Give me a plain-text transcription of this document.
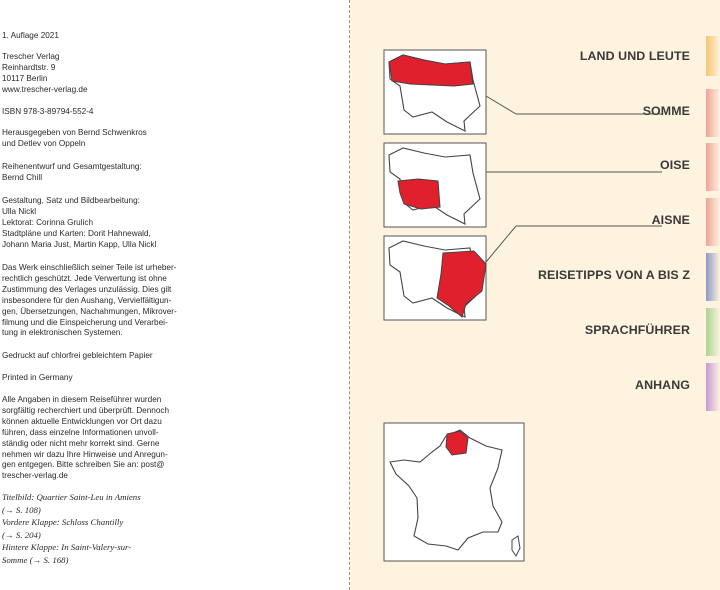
1. Auflage 2021
Trescher Verlag
Reinhardtstr. 9
10117 Berlin
www.trescher-verlag.de
ISBN 978-3-89794-552-4
Herausgegeben von Bernd Schwenkros
und Detlev von Oppeln
Reihenentwurf und Gesamtgestaltung:
Bernd Chill
Gestaltung, Satz und Bildbearbeitung:
Ulla Nickl
Lektorat: Corinna Grulich
Stadtpläne und Karten: Dorit Hahnewald,
Johann Maria Just, Martin Kapp, Ulla Nickl
Das Werk einschließlich seiner Teile ist urheber-
rechtlich geschützt. Jede Verwertung ist ohne
Zustimmung des Verlages unzulässig. Dies gilt
insbesondere für den Aushang, Vervielfältigun-
gen, Übersetzungen, Nachahmungen, Mikrover-
filmung und die Einspeicherung und Verarbei-
tung in elektronischen Systemen.
Gedruckt auf chlorfrei gebleichtem Papier
Printed in Germany
Alle Angaben in diesem Reiseführer wurden
sorgfältig recherchiert und überprüft. Dennoch
können aktuelle Entwicklungen vor Ort dazu
führen, dass einzelne Informationen unvoll-
ständig oder nicht mehr korrekt sind. Gerne
nehmen wir dazu Ihre Hinweise und Anregun-
gen entgegen. Bitte schreiben Sie an: post@
trescher-verlag.de
Titelbild: Quartier Saint-Leu in Amiens
(→ S. 108)
Vordere Klappe: Schloss Chantilly
(→ S. 204)
Hintere Klappe: In Saint-Valery-sur-
Somme (→ S. 168)
LAND UND LEUTE
SOMME
OISE
AISNE
REISETIPPS VON A BIS Z
SPRACHFÜHRER
ANHANG
